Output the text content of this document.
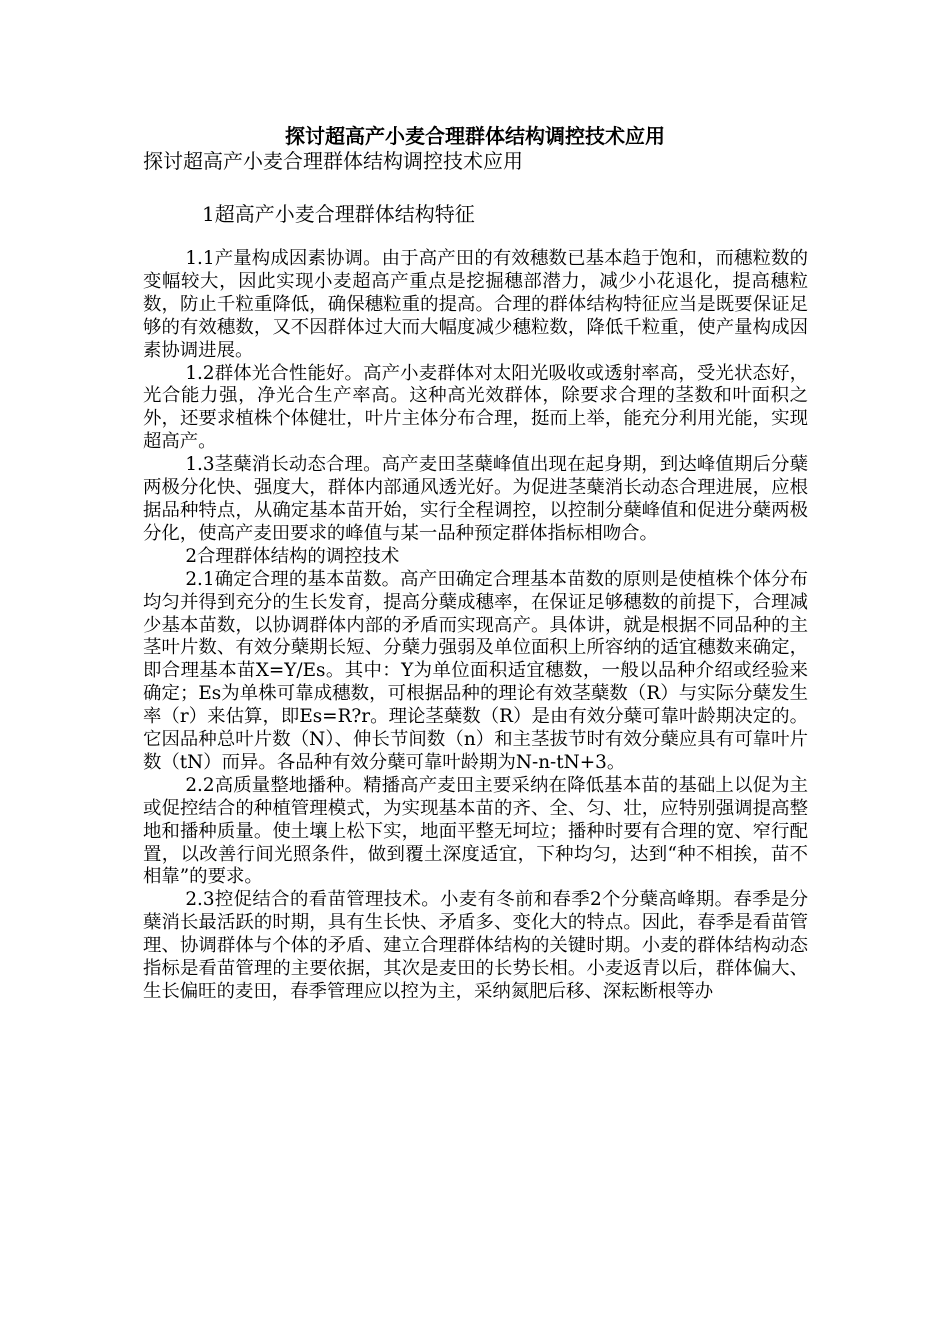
探讨超高产小麦合理群体结构调控技术应用
探讨超高产小麦合理群体结构调控技术应用
1超高产小麦合理群体结构特征

1.1产量构成因素协调。由于高产田的有效穗数已基本趋于饱和，而穗粒数的变幅较大，因此实现小麦超高产重点是挖掘穗部潜力，减少小花退化，提高穗粒数，防止千粒重降低，确保穗粒重的提高。合理的群体结构特征应当是既要保证足够的有效穗数，又不因群体过大而大幅度减少穗粒数，降低千粒重，使产量构成因素协调进展。

1.2群体光合性能好。高产小麦群体对太阳光吸收或透射率高，受光状态好，光合能力强，净光合生产率高。这种高光效群体，除要求合理的茎数和叶面积之外，还要求植株个体健壮，叶片主体分布合理，挺而上举，能充分利用光能，实现超高产。

1.3茎蘖消长动态合理。高产麦田茎蘖峰值出现在起身期，到达峰值期后分蘖两极分化快、强度大，群体内部通风透光好。为促进茎蘖消长动态合理进展，应根据品种特点，从确定基本苗开始，实行全程调控，以控制分蘖峰值和促进分蘖两极分化，使高产麦田要求的峰值与某一品种预定群体指标相吻合。

2合理群体结构的调控技术

2.1确定合理的基本苗数。高产田确定合理基本苗数的原则是使植株个体分布均匀并得到充分的生长发育，提高分蘖成穗率，在保证足够穗数的前提下，合理减少基本苗数，以协调群体内部的矛盾而实现高产。具体讲，就是根据不同品种的主茎叶片数、有效分蘖期长短、分蘖力强弱及单位面积上所容纳的适宜穗数来确定，即合理基本苗X=Y/Es。其中：Y为单位面积适宜穗数，一般以品种介绍或经验来确定；Es为单株可靠成穗数，可根据品种的理论有效茎蘖数（R）与实际分蘖发生率（r）来估算，即Es=R?r。理论茎蘖数（R）是由有效分蘖可靠叶龄期决定的。它因品种总叶片数（N）、伸长节间数（n）和主茎拔节时有效分蘖应具有可靠叶片数（tN）而异。各品种有效分蘖可靠叶龄期为N-n-tN+3。

2.2高质量整地播种。精播高产麦田主要采纳在降低基本苗的基础上以促为主或促控结合的种植管理模式，为实现基本苗的齐、全、匀、壮，应特别强调提高整地和播种质量。使土壤上松下实，地面平整无坷垃；播种时要有合理的宽、窄行配置，以改善行间光照条件，做到覆土深度适宜，下种均匀，达到“种不相挨，苗不相靠”的要求。

2.3控促结合的看苗管理技术。小麦有冬前和春季2个分蘖高峰期。春季是分蘖消长最活跃的时期，具有生长快、矛盾多、变化大的特点。因此，春季是看苗管理、协调群体与个体的矛盾、建立合理群体结构的关键时期。小麦的群体结构动态指标是看苗管理的主要依据，其次是麦田的长势长相。小麦返青以后，群体偏大、生长偏旺的麦田，春季管理应以控为主，采纳氮肥后移、深耘断根等办
